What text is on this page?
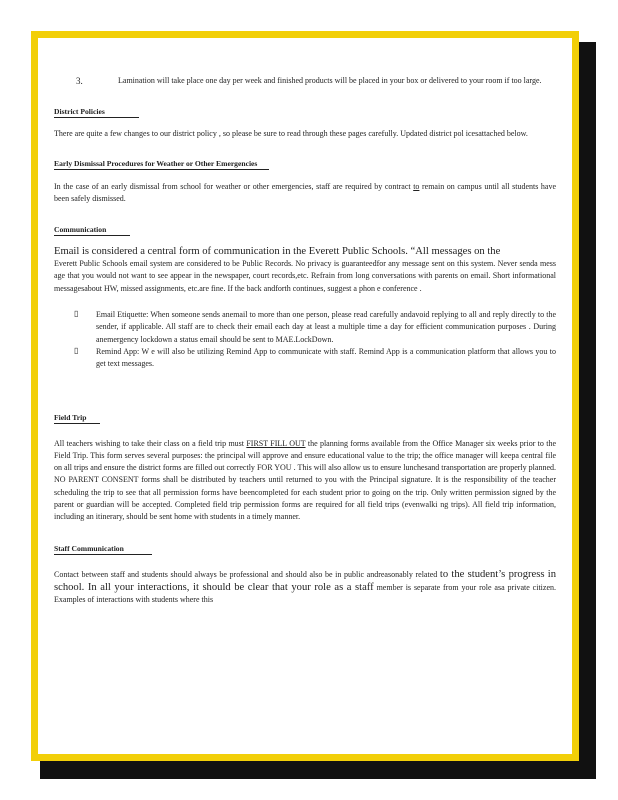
3.	Lamination will take place one day per week and finished products will be placed in your box or delivered to your room if too large.
District Policies

There are quite a few changes to our district policy , so please be sure to read through these pages carefully. Updated district pol icesattached below.

Early Dismissal Procedures for Weather or Other Emergencies

In the case of an early dismissal from school for weather or other emergencies, staff are required by contract to remain on campus until all students have been safely dismissed.

Communication

Email is considered a central form of communication in the Everett Public Schools. “All messages on the

Everett Public Schools email system are considered to be Public Records. No privacy is guaranteedfor any message sent on this system. Never senda mess age that you would not want to see appear in the newspaper, court records,etc. Refrain from long conversations with parents on email. Short informational messagesabout HW, missed assignments, etc.are fine. If the back andforth continues, suggest a phon e conference .

▯ Email Etiquette: When someone sends anemail to more than one person, please read carefully andavoid replying to all and reply directly to the sender, if applicable. All staff are to check their email each day at least a multiple time a day for efficient communication purposes . During anemergency lockdown a status email should be sent to MAE.LockDown.

▯ Remind App: W e will also be utilizing Remind App to communicate with staff. Remind App is a communication platform that allows you to get text messages.

Field Trip

All teachers wishing to take their class on a field trip must FIRST FILL OUT the planning forms available from the Office Manager six weeks prior to the Field Trip. This form serves several purposes: the principal will approve and ensure educational value to the trip; the office manager will keepa central file on all trips and ensure the district forms are filled out correctly FOR YOU . This will also allow us to ensure lunchesand transportation are properly planned. NO PARENT CONSENT forms shall be distributed by teachers until returned to you with the Principal signature. It is the responsibility of the teacher scheduling the trip to see that all permission forms have beencompleted for each student prior to going on the trip. Only written permission signed by the parent or guardian will be accepted. Completed field trip permission forms are required for all field trips (evenwalki ng trips). All field trip information, including an itinerary, should be sent home with students in a timely manner.

Staff Communication

Contact between staff and students should always be professional and should also be in public andreasonably related to the student’s progress in school. In all your interactions, it should be clear that your role as a staff member is separate from your role asa private citizen. Examples of interactions with students where this
